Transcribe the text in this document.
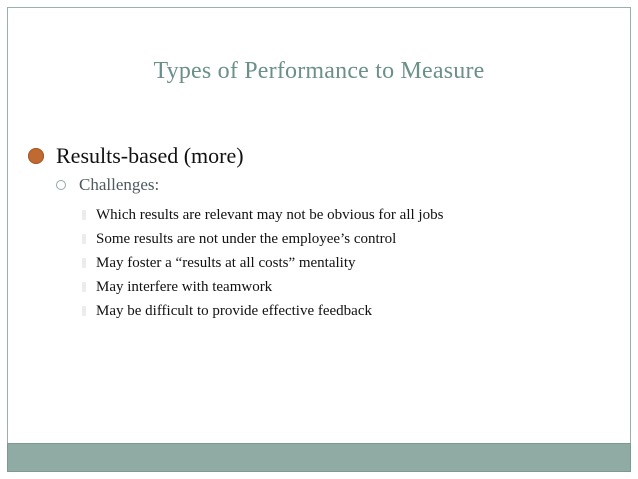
Types of Performance to Measure
Results-based (more)
Challenges:
Which results are relevant may not be obvious for all jobs
Some results are not under the employee’s control
May foster a “results at all costs” mentality
May interfere with teamwork
May be difficult to provide effective feedback
